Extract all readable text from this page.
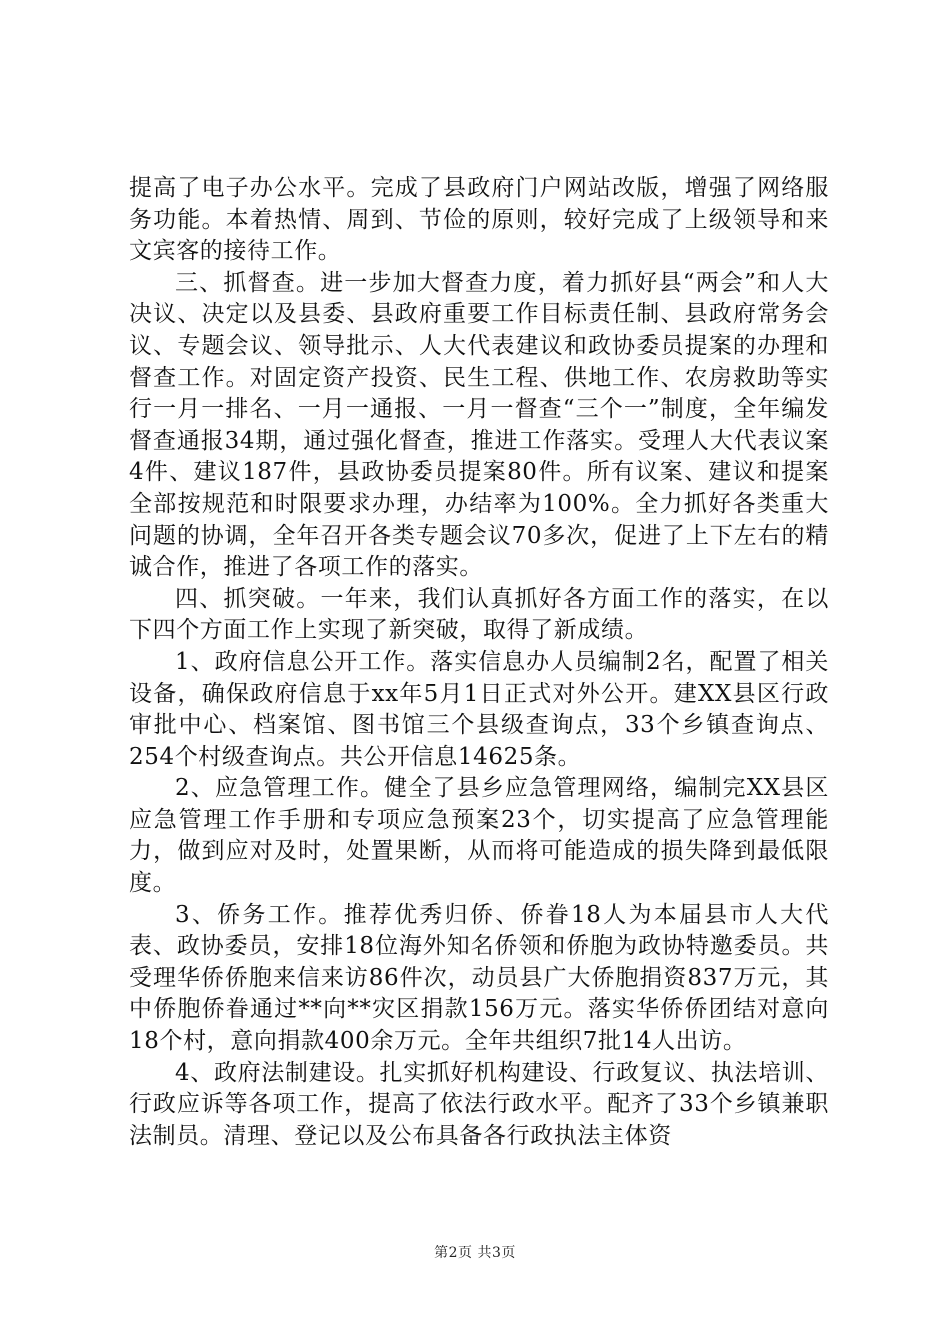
提高了电子办公水平。完成了县政府门户网站改版，增强了网络服务功能。本着热情、周到、节俭的原则，较好完成了上级领导和来文宾客的接待工作。

三、抓督查。进一步加大督查力度，着力抓好县“两会”和人大决议、决定以及县委、县政府重要工作目标责任制、县政府常务会议、专题会议、领导批示、人大代表建议和政协委员提案的办理和督查工作。对固定资产投资、民生工程、供地工作、农房救助等实行一月一排名、一月一通报、一月一督查“三个一”制度，全年编发督查通报34期，通过强化督查，推进工作落实。受理人大代表议案4件、建议187件，县政协委员提案80件。所有议案、建议和提案全部按规范和时限要求办理，办结率为100%。全力抓好各类重大问题的协调，全年召开各类专题会议70多次，促进了上下左右的精诚合作，推进了各项工作的落实。

四、抓突破。一年来，我们认真抓好各方面工作的落实，在以下四个方面工作上实现了新突破，取得了新成绩。

1、政府信息公开工作。落实信息办人员编制2名，配置了相关设备，确保政府信息于xx年5月1日正式对外公开。建XX县区行政审批中心、档案馆、图书馆三个县级查询点，33个乡镇查询点、254个村级查询点。共公开信息14625条。

2、应急管理工作。健全了县乡应急管理网络，编制完XX县区应急管理工作手册和专项应急预案23个，切实提高了应急管理能力，做到应对及时，处置果断，从而将可能造成的损失降到最低限度。

3、侨务工作。推荐优秀归侨、侨眷18人为本届县市人大代表、政协委员，安排18位海外知名侨领和侨胞为政协特邀委员。共受理华侨侨胞来信来访86件次，动员县广大侨胞捐资837万元，其中侨胞侨眷通过**向**灾区捐款156万元。落实华侨侨团结对意向18个村，意向捐款400余万元。全年共组织7批14人出访。

4、政府法制建设。扎实抓好机构建设、行政复议、执法培训、行政应诉等各项工作，提高了依法行政水平。配齐了33个乡镇兼职法制员。清理、登记以及公布具备各行政执法主体资

第2页 共3页
